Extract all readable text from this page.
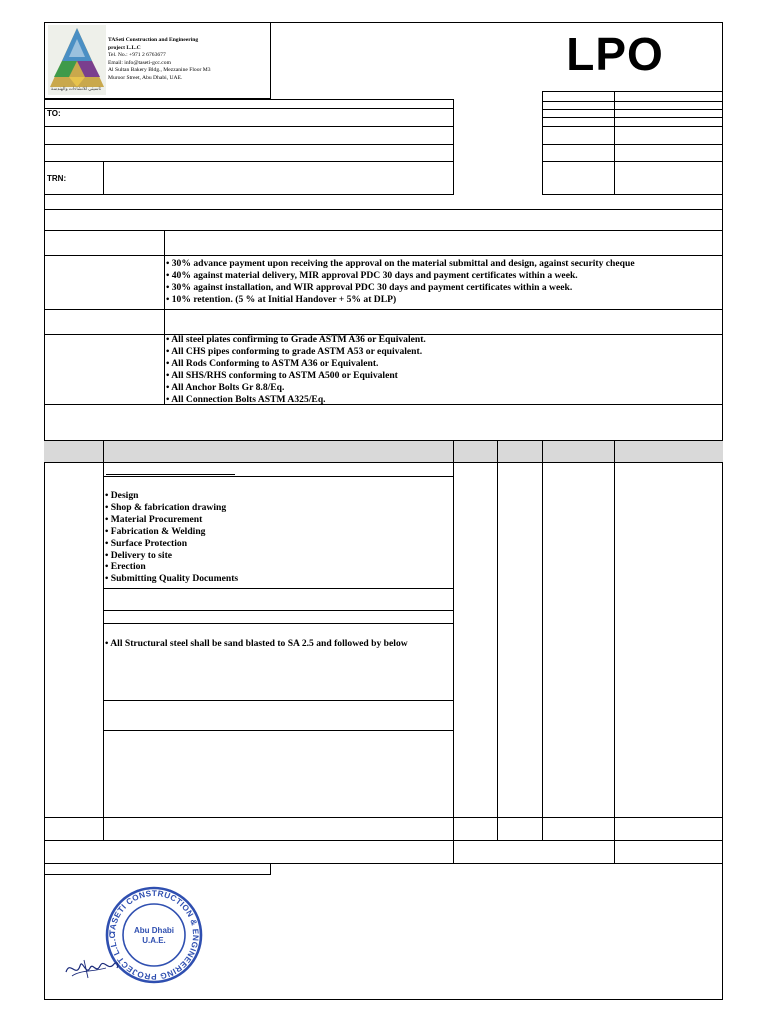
تاسيتي للانشاءات والهندسة
TASeti Construction and Engineering
project L.L.C
Tel. No.: +971 2 6763677
Email: info@taseti-gcc.com
Al Sultan Bakery Bldg., Mezzanine Floor M3
Muroor Street, Abu Dhabi, UAE.	LPO
TO:
TRN:
• 30% advance payment upon receiving the approval on the material submittal and design, against security cheque
• 40% against material delivery, MIR approval PDC 30 days and payment certificates within a week.
• 30% against installation, and WIR approval PDC 30 days and payment certificates within a week.
• 10% retention. (5 % at Initial Handover + 5% at DLP)
• All steel plates confirming to Grade ASTM A36 or Equivalent.
• All CHS pipes conforming to grade ASTM A53 or equivalent.
• All Rods Conforming to ASTM A36 or Equivalent.
• All SHS/RHS conforming to ASTM A500 or Equivalent
• All Anchor Bolts Gr 8.8/Eq.
• All Connection Bolts ASTM A325/Eq.
• Design
• Shop & fabrication drawing
• Material Procurement
• Fabrication & Welding
• Surface Protection
• Delivery to site
• Erection
• Submitting Quality Documents
• All Structural steel shall be sand blasted to SA 2.5 and followed by below
TASETI CONSTRUCTION & ENGINEERING PROJECT L.L.C
Abu Dhabi
U.A.E.
